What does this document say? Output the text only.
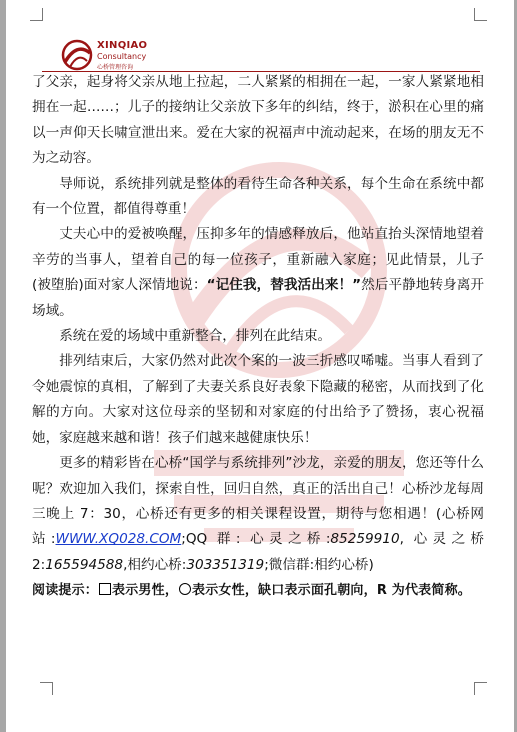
XINQIAO
Consultancy
心桥管理咨询

了父亲，起身将父亲从地上拉起，二人紧紧的相拥在一起，一家人紧紧地相拥在一起……；儿子的接纳让父亲放下多年的纠结，终于，淤积在心里的痛以一声仰天长啸宣泄出来。爱在大家的祝福声中流动起来，在场的朋友无不为之动容。

导师说，系统排列就是整体的看待生命各种关系，每个生命在系统中都有一个位置，都值得尊重！

丈夫心中的爱被唤醒，压抑多年的情感释放后，他站直抬头深情地望着辛劳的当事人，望着自己的每一位孩子，重新融入家庭；见此情景，儿子(被堕胎)面对家人深情地说：“记住我，替我活出来！”然后平静地转身离开场域。

系统在爱的场域中重新整合，排列在此结束。

排列结束后，大家仍然对此次个案的一波三折感叹唏嘘。当事人看到了令她震惊的真相，了解到了夫妻关系良好表象下隐藏的秘密，从而找到了化解的方向。大家对这位母亲的坚韧和对家庭的付出给予了赞扬，衷心祝福她，家庭越来越和谐！孩子们越来越健康快乐！

更多的精彩皆在心桥“国学与系统排列”沙龙，亲爱的朋友，您还等什么呢？欢迎加入我们，探索自性，回归自然，真正的活出自己！心桥沙龙每周三晚上 7：30，心桥还有更多的相关课程设置，期待与您相遇！(心桥网站:WWW.XQ028.COM;QQ 群: 心灵之桥:85259910, 心灵之桥 2:165594588,相约心桥:303351319;微信群:相约心桥)

阅读提示： 表示男性， 表示女性，缺口表示面孔朝向，R 为代表简称。
